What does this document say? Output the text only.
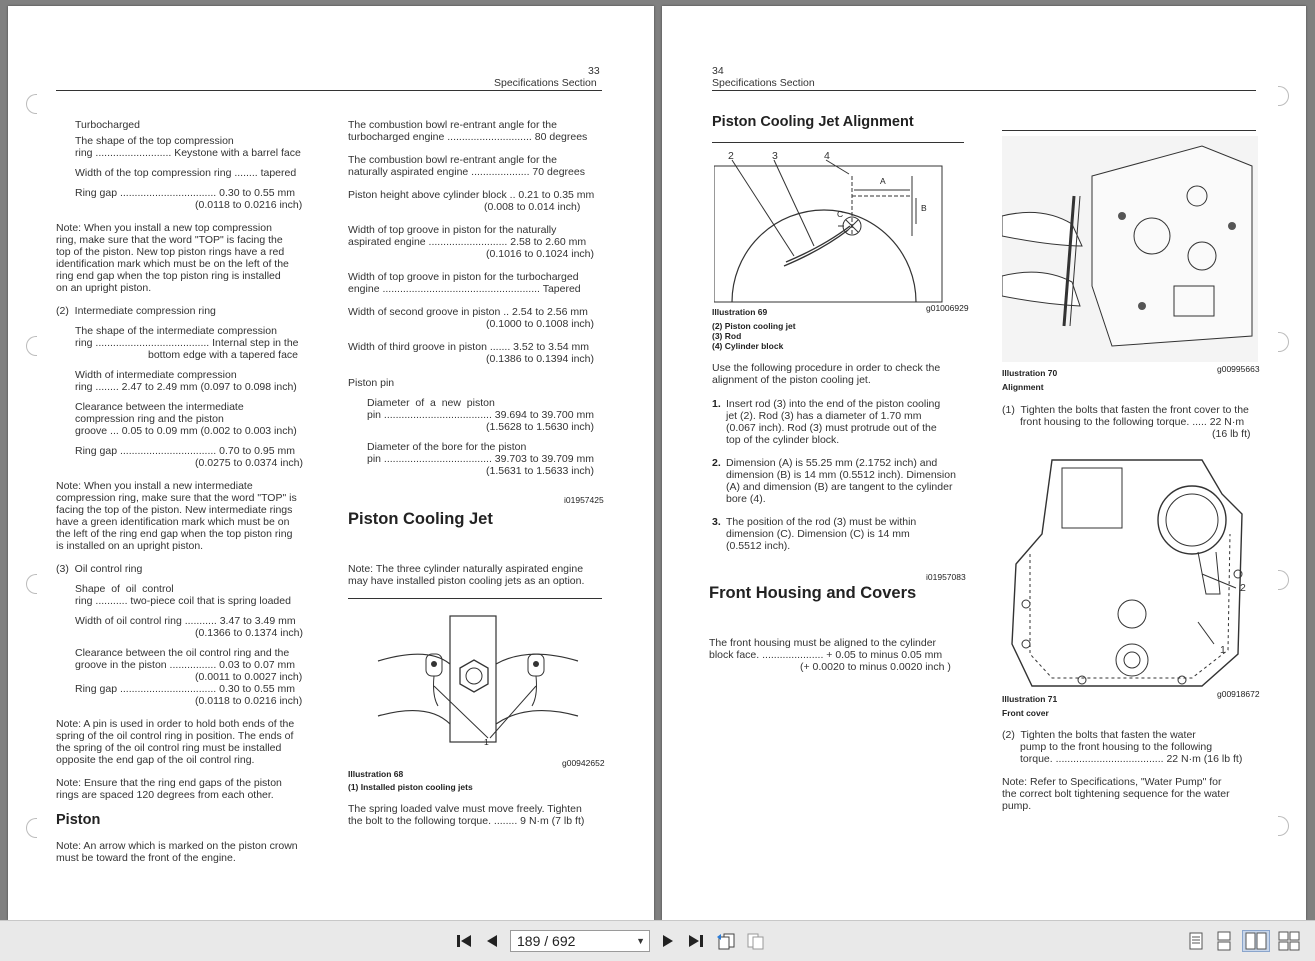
33
Specifications Section
Turbocharged
The shape of the top compression
ring .......................... Keystone with a barrel face
Width of the top compression ring ........ tapered
Ring gap ................................. 0.30 to 0.55 mm
(0.0118 to 0.0216 inch)
Note: When you install a new top compression
ring, make sure that the word "TOP" is facing the
top of the piston. New top piston rings have a red
identification mark which must be on the left of the
ring end gap when the top piston ring is installed
on an upright piston.
(2)  Intermediate compression ring
The shape of the intermediate compression
ring ....................................... Internal step in the
bottom edge with a tapered face
Width of intermediate compression
ring ........ 2.47 to 2.49 mm (0.097 to 0.098 inch)
Clearance between the intermediate
compression ring and the piston
groove ... 0.05 to 0.09 mm (0.002 to 0.003 inch)
Ring gap ................................. 0.70 to 0.95 mm
(0.0275 to 0.0374 inch)
Note: When you install a new intermediate
compression ring, make sure that the word "TOP" is
facing the top of the piston. New intermediate rings
have a green identification mark which must be on
the left of the ring end gap when the top piston ring
is installed on an upright piston.
(3)  Oil control ring
Shape  of  oil  control
ring ........... two-piece coil that is spring loaded
Width of oil control ring ........... 3.47 to 3.49 mm
(0.1366 to 0.1374 inch)
Clearance between the oil control ring and the
groove in the piston ................ 0.03 to 0.07 mm
(0.0011 to 0.0027 inch)
Ring gap ................................. 0.30 to 0.55 mm
(0.0118 to 0.0216 inch)
Note: A pin is used in order to hold both ends of the
spring of the oil control ring in position. The ends of
the spring of the oil control ring must be installed
opposite the end gap of the oil control ring.
Note: Ensure that the ring end gaps of the piston
rings are spaced 120 degrees from each other.
Piston
Note: An arrow which is marked on the piston crown
must be toward the front of the engine.
The combustion bowl re-entrant angle for the
turbocharged engine ............................. 80 degrees
The combustion bowl re-entrant angle for the
naturally aspirated engine .................... 70 degrees
Piston height above cylinder block .. 0.21 to 0.35 mm
(0.008 to 0.014 inch)
Width of top groove in piston for the naturally
aspirated engine ........................... 2.58 to 2.60 mm
(0.1016 to 0.1024 inch)
Width of top groove in piston for the turbocharged
engine ...................................................... Tapered
Width of second groove in piston .. 2.54 to 2.56 mm
(0.1000 to 0.1008 inch)
Width of third groove in piston ....... 3.52 to 3.54 mm
(0.1386 to 0.1394 inch)
Piston pin
Diameter  of  a  new  piston
pin ..................................... 39.694 to 39.700 mm
(1.5628 to 1.5630 inch)
Diameter of the bore for the piston
pin ..................................... 39.703 to 39.709 mm
(1.5631 to 1.5633 inch)
i01957425
Piston Cooling Jet
Note: The three cylinder naturally aspirated engine
may have installed piston cooling jets as an option.
1
Illustration 68
g00942652
(1) Installed piston cooling jets
The spring loaded valve must move freely. Tighten
the bolt to the following torque. ........ 9 N·m (7 lb ft)
34
Specifications Section
Piston Cooling Jet Alignment
2	3	4
A
B
C
Illustration 69	g01006929
(2) Piston cooling jet
(3) Rod
(4) Cylinder block
Use the following procedure in order to check the
alignment of the piston cooling jet.
1. Insert rod (3) into the end of the piston cooling
jet (2). Rod (3) has a diameter of 1.70 mm
(0.067 inch). Rod (3) must protrude out of the
top of the cylinder block.
2. Dimension (A) is 55.25 mm (2.1752 inch) and
dimension (B) is 14 mm (0.5512 inch). Dimension
(A) and dimension (B) are tangent to the cylinder
bore (4).
3. The position of the rod (3) must be within
dimension (C). Dimension (C) is 14 mm
(0.5512 inch).
i01957083
Front Housing and Covers
The front housing must be aligned to the cylinder
block face. ..................... + 0.05 to minus 0.05 mm
(+ 0.0020 to minus 0.0020 inch )
Illustration 70	g00995663
Alignment
(1)  Tighten the bolts that fasten the front cover to the
front housing to the following torque. ..... 22 N·m
(16 lb ft)
2
1
Illustration 71	g00918672
Front cover
(2)  Tighten the bolts that fasten the water
pump to the front housing to the following
torque. ..................................... 22 N·m (16 lb ft)
Note: Refer to Specifications, "Water Pump" for
the correct bolt tightening sequence for the water
pump.
189 / 692	▼
